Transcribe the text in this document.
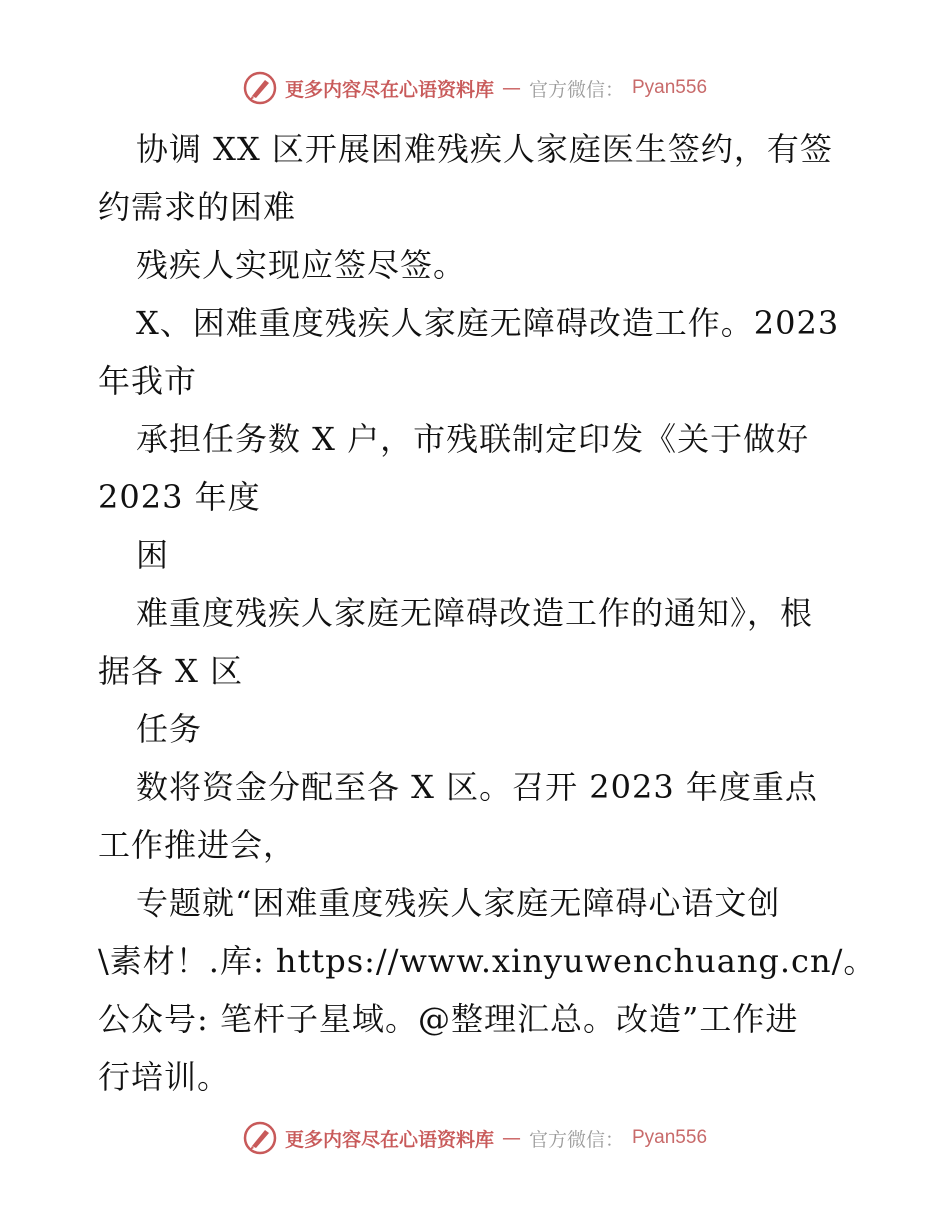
更多内容尽在心语资料库 — 官方微信： Pyan556
协调 XX 区开展困难残疾人家庭医生签约，有签
约需求的困难
残疾人实现应签尽签。
X、困难重度残疾人家庭无障碍改造工作。2023
年我市
承担任务数 X 户，市残联制定印发《关于做好
2023 年度
困
难重度残疾人家庭无障碍改造工作的通知》，根
据各 X 区
任务
数将资金分配至各 X 区。召开 2023 年度重点
工作推进会，
专题就“困难重度残疾人家庭无障碍心语文创
\素材！.库: https://www.xinyuwenchuang.cn/。
公众号: 笔杆子星域。@整理汇总。改造”工作进
行培训。
更多内容尽在心语资料库 — 官方微信： Pyan556
